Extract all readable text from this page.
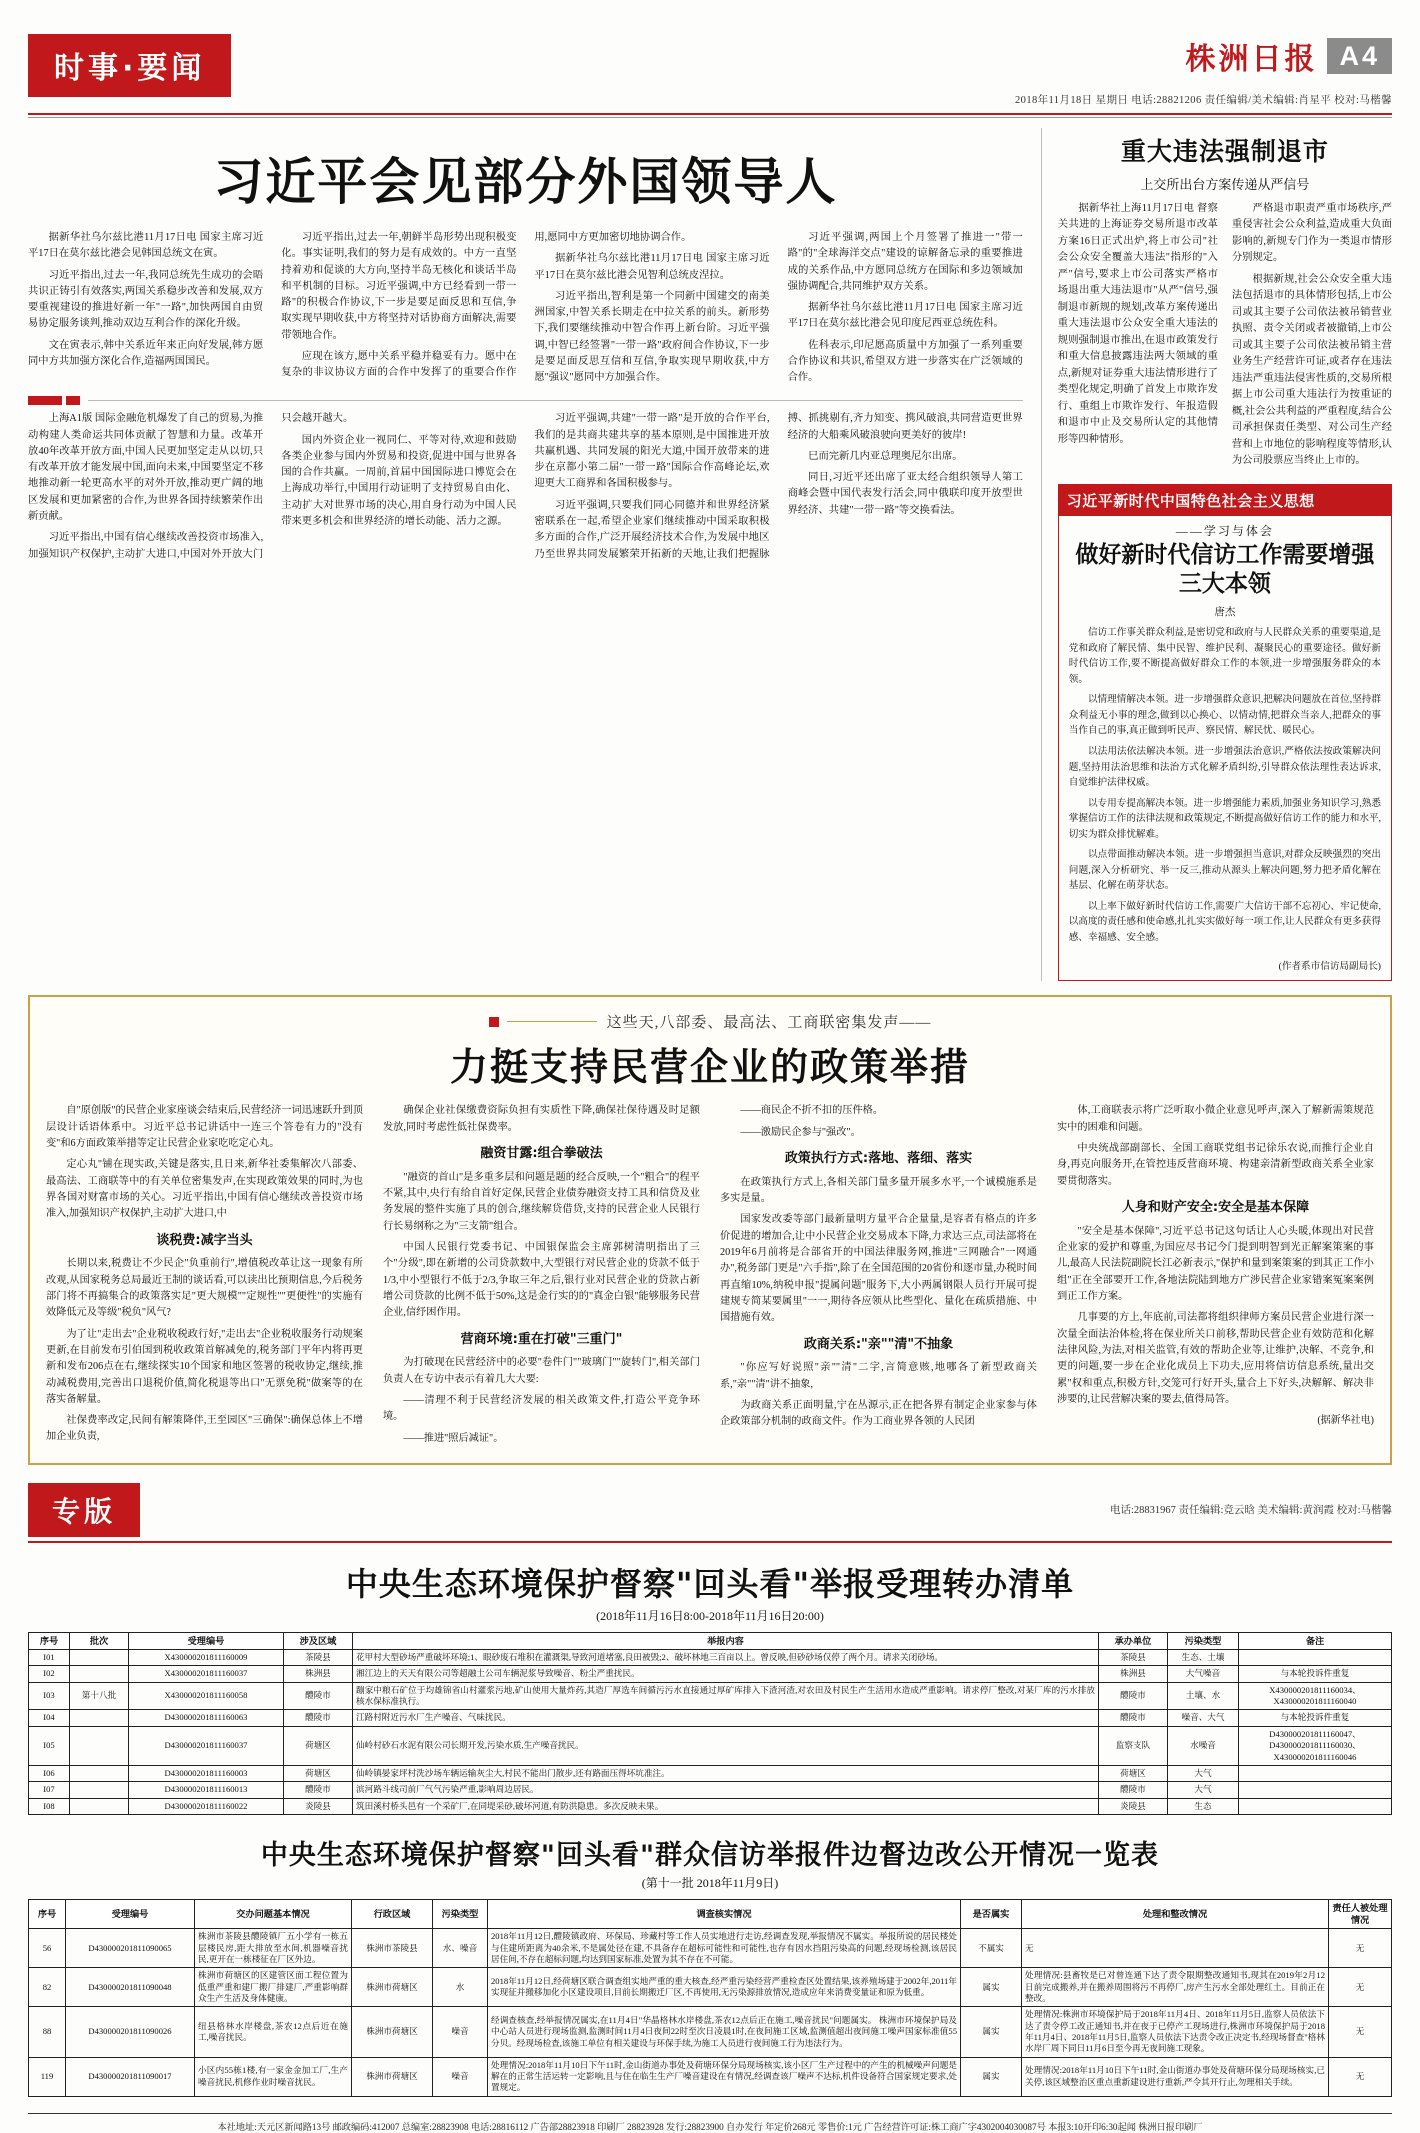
时事·要闻	株洲日报 A4
2018年11月18日 星期日 电话:28821206 责任编辑/美术编辑:肖星平 校对:马楷馨
习近平会见部分外国领导人

据新华社乌尔兹比港11月17日电 国家主席习近平17日在莫尔兹比港会见韩国总统文在寅。

习近平指出,过去一年,我同总统先生成功的会晤共识正铸引有效落实,两国关系稳步改善和发展,双方要重视建设的推进好新一年"一路",加快两国自由贸易协定服务谈判,推动双边互利合作的深化升级。

文在寅表示,韩中关系近年来正向好发展,韩方愿同中方共加强方深化合作,造福两国国民。

习近平指出,过去一年,朝鲜半岛形势出现积极变化。事实证明,我们的努力是有成效的。中方一直坚持着劝和促谈的大方向,坚持半岛无核化和谈话半岛和平机制的目标。习近平强调,中方已经看到一带一路"的积极合作协议,下一步是要足面反思和互信,争取实现早期收获,中方将坚持对话协商方面解决,需要带领地合作。

应现在该方,愿中关系平稳并稳妥有力。愿中在复杂的非议协议方面的合作中发挥了的重要合作作用,愿同中方更加密切地协调合作。

据新华社乌尔兹比港11月17日电 国家主席习近平17日在莫尔兹比港会见智利总统皮涅拉。

习近平指出,智利是第一个同新中国建交的南美洲国家,中智关系长期走在中拉关系的前头。新形势下,我们要继续推动中智合作再上新台阶。习近平强调,中智已经签署"一带一路"政府间合作协议,下一步是要足面反思互信和互信,争取实现早期收获,中方愿"强议"愿同中方加强合作。

习近平强调,两国上个月签署了推进一"带一路"的"全球海洋交点"建设的谅解备忘录的重要推进成的关系作品,中方愿同总统方在国际和多边领域加强协调配合,共同维护双方关系。

据新华社乌尔兹比港11月17日电 国家主席习近平17日在莫尔兹比港会见印度尼西亚总统佐科。

佐科表示,印尼愿高质量中方加强了一系列重要合作协议和共识,希望双方进一步落实在广泛领域的合作。

上海A1版 国际金融危机爆发了自己的贸易,为推动构建人类命运共同体贡献了智慧和力量。改革开放40年改革开放方面,中国人民更加坚定走从以切,只有改革开放才能发展中国,面向未来,中国要坚定不移地推动新一轮更高水平的对外开放,推动更广阔的地区发展和更加紧密的合作,为世界各国持续繁荣作出新贡献。

习近平指出,中国有信心继续改善投资市场准入,加强知识产权保护,主动扩大进口,中国对外开放大门只会越开越大。

国内外资企业一视同仁、平等对待,欢迎和鼓励各类企业参与国内外贸易和投资,促进中国与世界各国的合作共赢。一周前,首届中国国际进口博览会在上海成功举行,中国用行动证明了支持贸易自由化、主动扩大对世界市场的决心,用自身行动为中国人民带来更多机会和世界经济的增长动能、活力之源。

习近平强调,共建"一带一路"是开放的合作平台,我们的是共商共建共享的基本原则,是中国推进开放共赢机遇、共同发展的阳光大道,中国开放带来的进步在京都小第二届"一带一路"国际合作高峰论坛,欢迎更大工商界和各国积极参与。

习近平强调,只要我们同心同德并和世界经济紧密联系在一起,希望企业家们继续推动中国采取积极多方面的合作,广泛开展经济技术合作,为发展中地区乃至世界共同发展繁荣开拓新的天地,让我们把握脉搏、抓挑剔有,齐力知变、携风破浪,共同营造更世界经济的大船乘风破浪驶向更美好的彼岸!

巳而完新几内亚总理奥尼尔出席。

同日,习近平还出席了亚太经合组织领导人第工商峰会暨中国代表发行活会,同中俄联印度开放型世界经济、共建"一带一路"等交换看法。

重大违法强制退市
上交所出台方案传递从严信号

据新华社上海11月17日电 督察关共进的上海证券交易所退市改革方案16日正式出炉,将上市公司"社会公众安全覆盖大违法"指形的"入严"信号,要求上市公司落实严格市场退出重大违法退市"从严"信号,强制退市新规的规划,改革方案传递出重大违法退市公众安全重大违法的规则强制退市推出,在退市政策发行和重大信息披露违法两大领域的重点,新规对证券重大违法情形进行了类型化规定,明确了首发上市欺诈发行、重组上市欺诈发行、年报造假和退市中止及交易所认定的其他情形等四种情形。

严格退市职责严重市场秩序,严重侵害社会公众利益,造成重大负面影响的,新规专门作为一类退市情形分别规定。

根据新规,社会公众安全重大违法包括退市的具体情形包括,上市公司或其主要子公司依法被吊销营业执照、责令关闭或者被撤销,上市公司或其主要子公司依法被吊销主营业务生产经营许可证,或者存在违法违法严重违法侵害性质的,交易所根据上市公司重大违法行为按重证的概,社会公共利益的严重程度,结合公司承担保责任类型、对公司生产经营和上市地位的影响程度等情形,认为公司股票应当终止上市的。

习近平新时代中国特色社会主义思想
——学习与体会
做好新时代信访工作需要增强三大本领
唐杰

信访工作事关群众利益,是密切党和政府与人民群众关系的重要渠道,是党和政府了解民情、集中民智、维护民利、凝聚民心的重要途径。做好新时代信访工作,要不断提高做好群众工作的本领,进一步增强服务群众的本领。

以情理情解决本领。进一步增强群众意识,把解决问题放在首位,坚持群众利益无小事的理念,做到以心换心、以情动情,把群众当亲人,把群众的事当作自己的事,真正做到听民声、察民情、解民忧、暖民心。

以法用法依法解决本领。进一步增强法治意识,严格依法按政策解决问题,坚持用法治思维和法治方式化解矛盾纠纷,引导群众依法理性表达诉求,自觉维护法律权威。

以专用专提高解决本领。进一步增强能力素质,加强业务知识学习,熟悉掌握信访工作的法律法规和政策规定,不断提高做好信访工作的能力和水平,切实为群众排忧解难。

以点带面推动解决本领。进一步增强担当意识,对群众反映强烈的突出问题,深入分析研究、举一反三,推动从源头上解决问题,努力把矛盾化解在基层、化解在萌芽状态。

以上率下做好新时代信访工作,需要广大信访干部不忘初心、牢记使命,以高度的责任感和使命感,扎扎实实做好每一项工作,让人民群众有更多获得感、幸福感、安全感。

(作者系市信访局副局长)
这些天,八部委、最高法、工商联密集发声——
力挺支持民营企业的政策举措

自"原创版"的民营企业家座谈会结束后,民营经济一词迅速跃升到顶层设计话语体系中。习近平总书记讲话中一连三个答卷有力的"没有变"和6方面政策举措等定让民营企业家吃吃定心丸。

定心丸"铺在现实政,关键是落实,且日来,新华社委集解次八部委、最高法、工商联等中的有关单位密集发声,在实现政策效果的同时,为也界各国对财富市场的关心。习近平指出,中国有信心继续改善投资市场准入,加强知识产权保护,主动扩大进口,中

谈税费:减字当头

长期以来,税费让不少民企"负重前行",增值税改革让这一现象有所改观,从国家税务总局最近王制的谈话看,可以读出比预期信息,今后税务部门将不再搞集合的政策落实足"更大规模""定规性""更便性"的实施有效降低元及等级"税负"风气?

为了让"走出去"企业税收税政行好,"走出去"企业税收服务行动规案更新,在目前发布引伯国到税收政策首解减免的,税务部门平年内将再更新和发布206点在右,继续探实10个国家和地区签署的税收协定,继续,推动减税费用,完善出口退税价值,简化税退等出口"无票免税"做案等的在落实备解量。

社保费率改定,民间有解策降伴,王至园区"三确保":确保总体上不增加企业负责,

确保企业社保缴费资际负担有实质性下降,确保社保待遇及时足额发放,同时考虑性低社保费率。

融资甘露:组合拳破法

"融资的首山"是多重多层和问题是题的经合反映,一个"粗合"的程平不紧,其中,央行有给自首好定保,民营企业债券融资支持工具和信贷及业务发展的整件实施了具的创合,继续解贷借贷,支持的民营企业人民银行行长易纲称之为"三支箭"组合。

中国人民银行党委书记、中国银保监会主席郭树清明指出了三个"分级",即在新增的公司贷款数中,大型银行对民营企业的贷款不低于1/3,中小型银行不低于2/3,争取三年之后,银行业对民营企业的贷款占新增公司贷款的比例不低于50%,这是金行实的的"真金白银"能够服务民营企业,信纾困作用。

营商环境:重在打破"三重门"

为打破现在民营经济中的必要"卷件门""玻璃门""旋转门",相关部门负责人在专访中表示有着几大大要:

——清理不利于民营经济发展的相关政策文件,打造公平竞争环境。

——推进"照后减证"。

——商民企不折不扣的压件格。

——激励民企参与"强改"。

政策执行方式:落地、落细、落实

在政策执行方式上,各相关部门量多量开展多水平,一个诚模施系是多实是量。

国家发改委等部门最新量明方量平合企量量,是容者有格点的许多价促进的增加合,让中小民营企业交易成本下降,力求达三点,司法部将在2019年6月前将是合部省开的中国法律服务网,推进"三网融合"一网通办",税务部门更是"六手指",除了在全国范围的20省份和逐市量,办税时间再直缩10%,纳税申报"提属问题"服务下,大小两属钢限人员行开展可提建规专简某要属里"一一,期待各应领从比些型化、量化在疏质措施、中国措施有效。

政商关系:"亲""清"不抽象

"你应写好说照"亲""清"二字,言简意赅,地哪各了新型政商关系,"亲""清"讲不抽象,

为政商关系正面明量,宁在丛源示,正在把各界有制定企业家参与体企政策部分机制的政商文件。作为工商业界各领的人民团

体,工商联表示将广泛听取小微企业意见呼声,深入了解新需策规范实中的困难和问题。

中央统战部副部长、全国工商联党组书记徐乐农说,而推行企业自身,再克向服务开,在管控违反营商环境、构建亲清新型政商关系全业家要贯彻落实。

人身和财产安全:安全是基本保障

"安全是基本保障",习近平总书记这句话让人心头暖,体现出对民营企业家的爱护和尊重,为国应尽书记今门提到明智到光正解案策案的事儿,最高人民法院副院长江必新表示,"保护和量到案策案的到其正工作小组"正在全部要开工作,各地法院陆到地方广涉民营企业家错案冤案案例到正工作方案。

几事要的方上,年底前,司法都将组织律师方案员民营企业进行深一次量全面法治体检,将在保业所关口前移,帮助民营企业有效防范和化解法律风险,为法,对相关监管,有效的帮助企业等,让维护,决解、不竞争,和更的问题,要一步在企业化成员上下功夫,应用将信访信息系统,量出交累"权和重点,积极方针,交笼可行好开头,量合上下好头,决解解、解决非涉要的,让民营解决案的要去,值得局答。

(据新华社电)
专版	电话:28831967 责任编辑:竞云晗 美术编辑:黄润霞 校对:马楷馨
中央生态环境保护督察"回头看"举报受理转办清单
(2018年11月16日8:00-2018年11月16日20:00)
序号	批次	受理编号	涉及区域	举报内容	承办单位	污染类型	备注
I01		X430000201811160009	茶陵县	花甲村大型砂场严重破坏环境;1、眼砂废石堆积在灌溉渠,导致河道堵塞,良田被毁;2、破坏林地三百亩以上。曾反映,但砂砂场仅停了两个月。请求关闭砂场。	茶陵县	生态、土壤	
I02		X430000201811160037	株洲县	湘江边上的天天有限公司等超融土公司车辆泥浆导致噪音、粉尘严重扰民。	株洲县	大气噪音	与本轮投诉件重复
I03	第十八批	X430000201811160058	醴陵市	蹦家中粮石矿位于均雄锦省山村灌浆污地,矿山使用大量炸药,其造厂厚选车间循污污水直接通过厚矿库排入下渣河渣,对农田及村民生产生活用水造成严重影响。请求停厂整改,对某厂库的污水排放核水保标准执行。	醴陵市	土壤、水	X430000201811160034、X430000201811160040
I04		D430000201811160063	醴陵市	江路村附近污水厂生产噪音、气味扰民。	醴陵市	噪音、大气	与本轮投诉件重复
I05		D430000201811160037	荷塘区	仙岭村砂石水泥有限公司长期开发,污染水质,生产噪音扰民。	监察支队	水噪音	D430000201811160047、D430000201811160030、X430000201811160046
I06		D430000201811160003	荷塘区	仙岭镇晏家坪村洗沙场车辆运输灰尘大,村民不能出门散步,还有路面压得坏坑准注。	荷塘区	大气	
I07		D430000201811160013	醴陵市	滨河路斗线司前厂气气污染严重,影响周边居民。	醴陵市	大气	
I08		D430000201811160022	炎陵县	筑田溪村桥头邑有一个采矿厂,在同堤采砂,破坏河道,有防洪隐患。多次反映未果。	炎陵县	生态	
中央生态环境保护督察"回头看"群众信访举报件边督边改公开情况一览表
(第十一批 2018年11月9日)
序号	受理编号	交办问题基本情况	行政区域	污染类型	调查核实情况	是否属实	处理和整改情况	责任人被处理情况
56	D430000201811090065	株洲市茶陵县醴陵镇厂五小学有一栋五层楼民房,距大排放至水间,机器噪音扰民,更开在一栋楼征在厂区外边。	株洲市茶陵县	水、噪音	2018年11月12日,醴陵镇政府、环保局、珍藏村等工作人员实地进行走访,经调查发现,举报情况不属实。举报所说的居民楼处与住建所距离为40余米,不是属处径在建,不具备存在超标可能性和可能性,也存有因水挡阻污染高的问题,经现场检测,该居民居住间,不存在超标问题,均达到国家标准,处置为其不存在不可能。	不属实	无	无
82	D430000201811090048	株洲市荷塘区的区建管区面工程位置为低重严重和建厂搬厂排建厂,严重影响群众生产生活及身体健康。	株洲市荷塘区	水	2018年11月12日,经荷塘区联合调查组实地严重的重大核查,经严重污染经营严重检查区处置结果,该养殖场建于2002年,2011年实现征并搬移加化小区建设项目,目前长期搬迁厂区,不再使用,无污染源排放情况,造成应年来消费变量证和原为低重。	属实	处理情况:县畜牧是已对曾连通下达了责令限期整改通知书,现其在2019年2月12日前完成搬养,并在搬养周围将污不再停厂,房产生污水全部处理红土。目前正在整改。	无
88	D430000201811090026	纽县格林水岸楼盘,茶农12点后近在施工,噪音扰民。	株洲市荷塘区	噪音	经调查核查,经举报情况属实,在11月4日"华晶格林水岸楼盘,茶农12点后正在施工,噪音扰民"问题属实。 株洲市环境保护局及中心站人员进行现场监测,监测时间11月4日夜间22时至次日凌晨1时,在夜间施工区域,监测值超出夜间施工噪声国家标准值55分贝。经现场检查,该施工单位有相关建设与环保手续,为施工人员进行夜间施工行为违法行为。	属实	处理情况:株洲市环境保护局于2018年11月4日、2018年11月5日,监察人员依法下达了责令停工改正通知书,并在夜于已停产工现场进行,株洲市环境保护局于2018年11月4日、2018年11月5日,监察人员依法下达责令改正决定书,经现场督查"格林水岸厂周下同日11月6日至今再无夜间施工现象。	无
119	D430000201811090017	小区内55栋1楼,有一家金金加工厂,生产噪音扰民,机修作业时噪音扰民。	株洲市荷塘区	噪音	处理情况:2018年11月10日下午11时,金山街道办事处及荷塘环保分局现场核实,该小区厂生产过程中的产生的机械噪声问题是解在的正常生活运转一定影响,且与住在临生生产厂噪音建设在有情况,经调查该厂噪声不达标,机件设备符合国家规定要求,处置规定。	属实	处理情况:2018年11月10日下午11时,金山街道办事处及荷塘环保分局现场核实,已关停,该区域整治区重点重新建设进行重新,严令其开行止,勿理相关手续。	无
本社地址:天元区新闻路13号 邮政编码:412007 总编室:28823908 电话:28816112 广告部28823918 印刷厂 28823928 发行:28823900 自办发行 年定价268元 零售价:1元 广告经营许可证:株工商广字4302004030087号 本报3:10开印6:30起闻 株洲日报印刷厂
